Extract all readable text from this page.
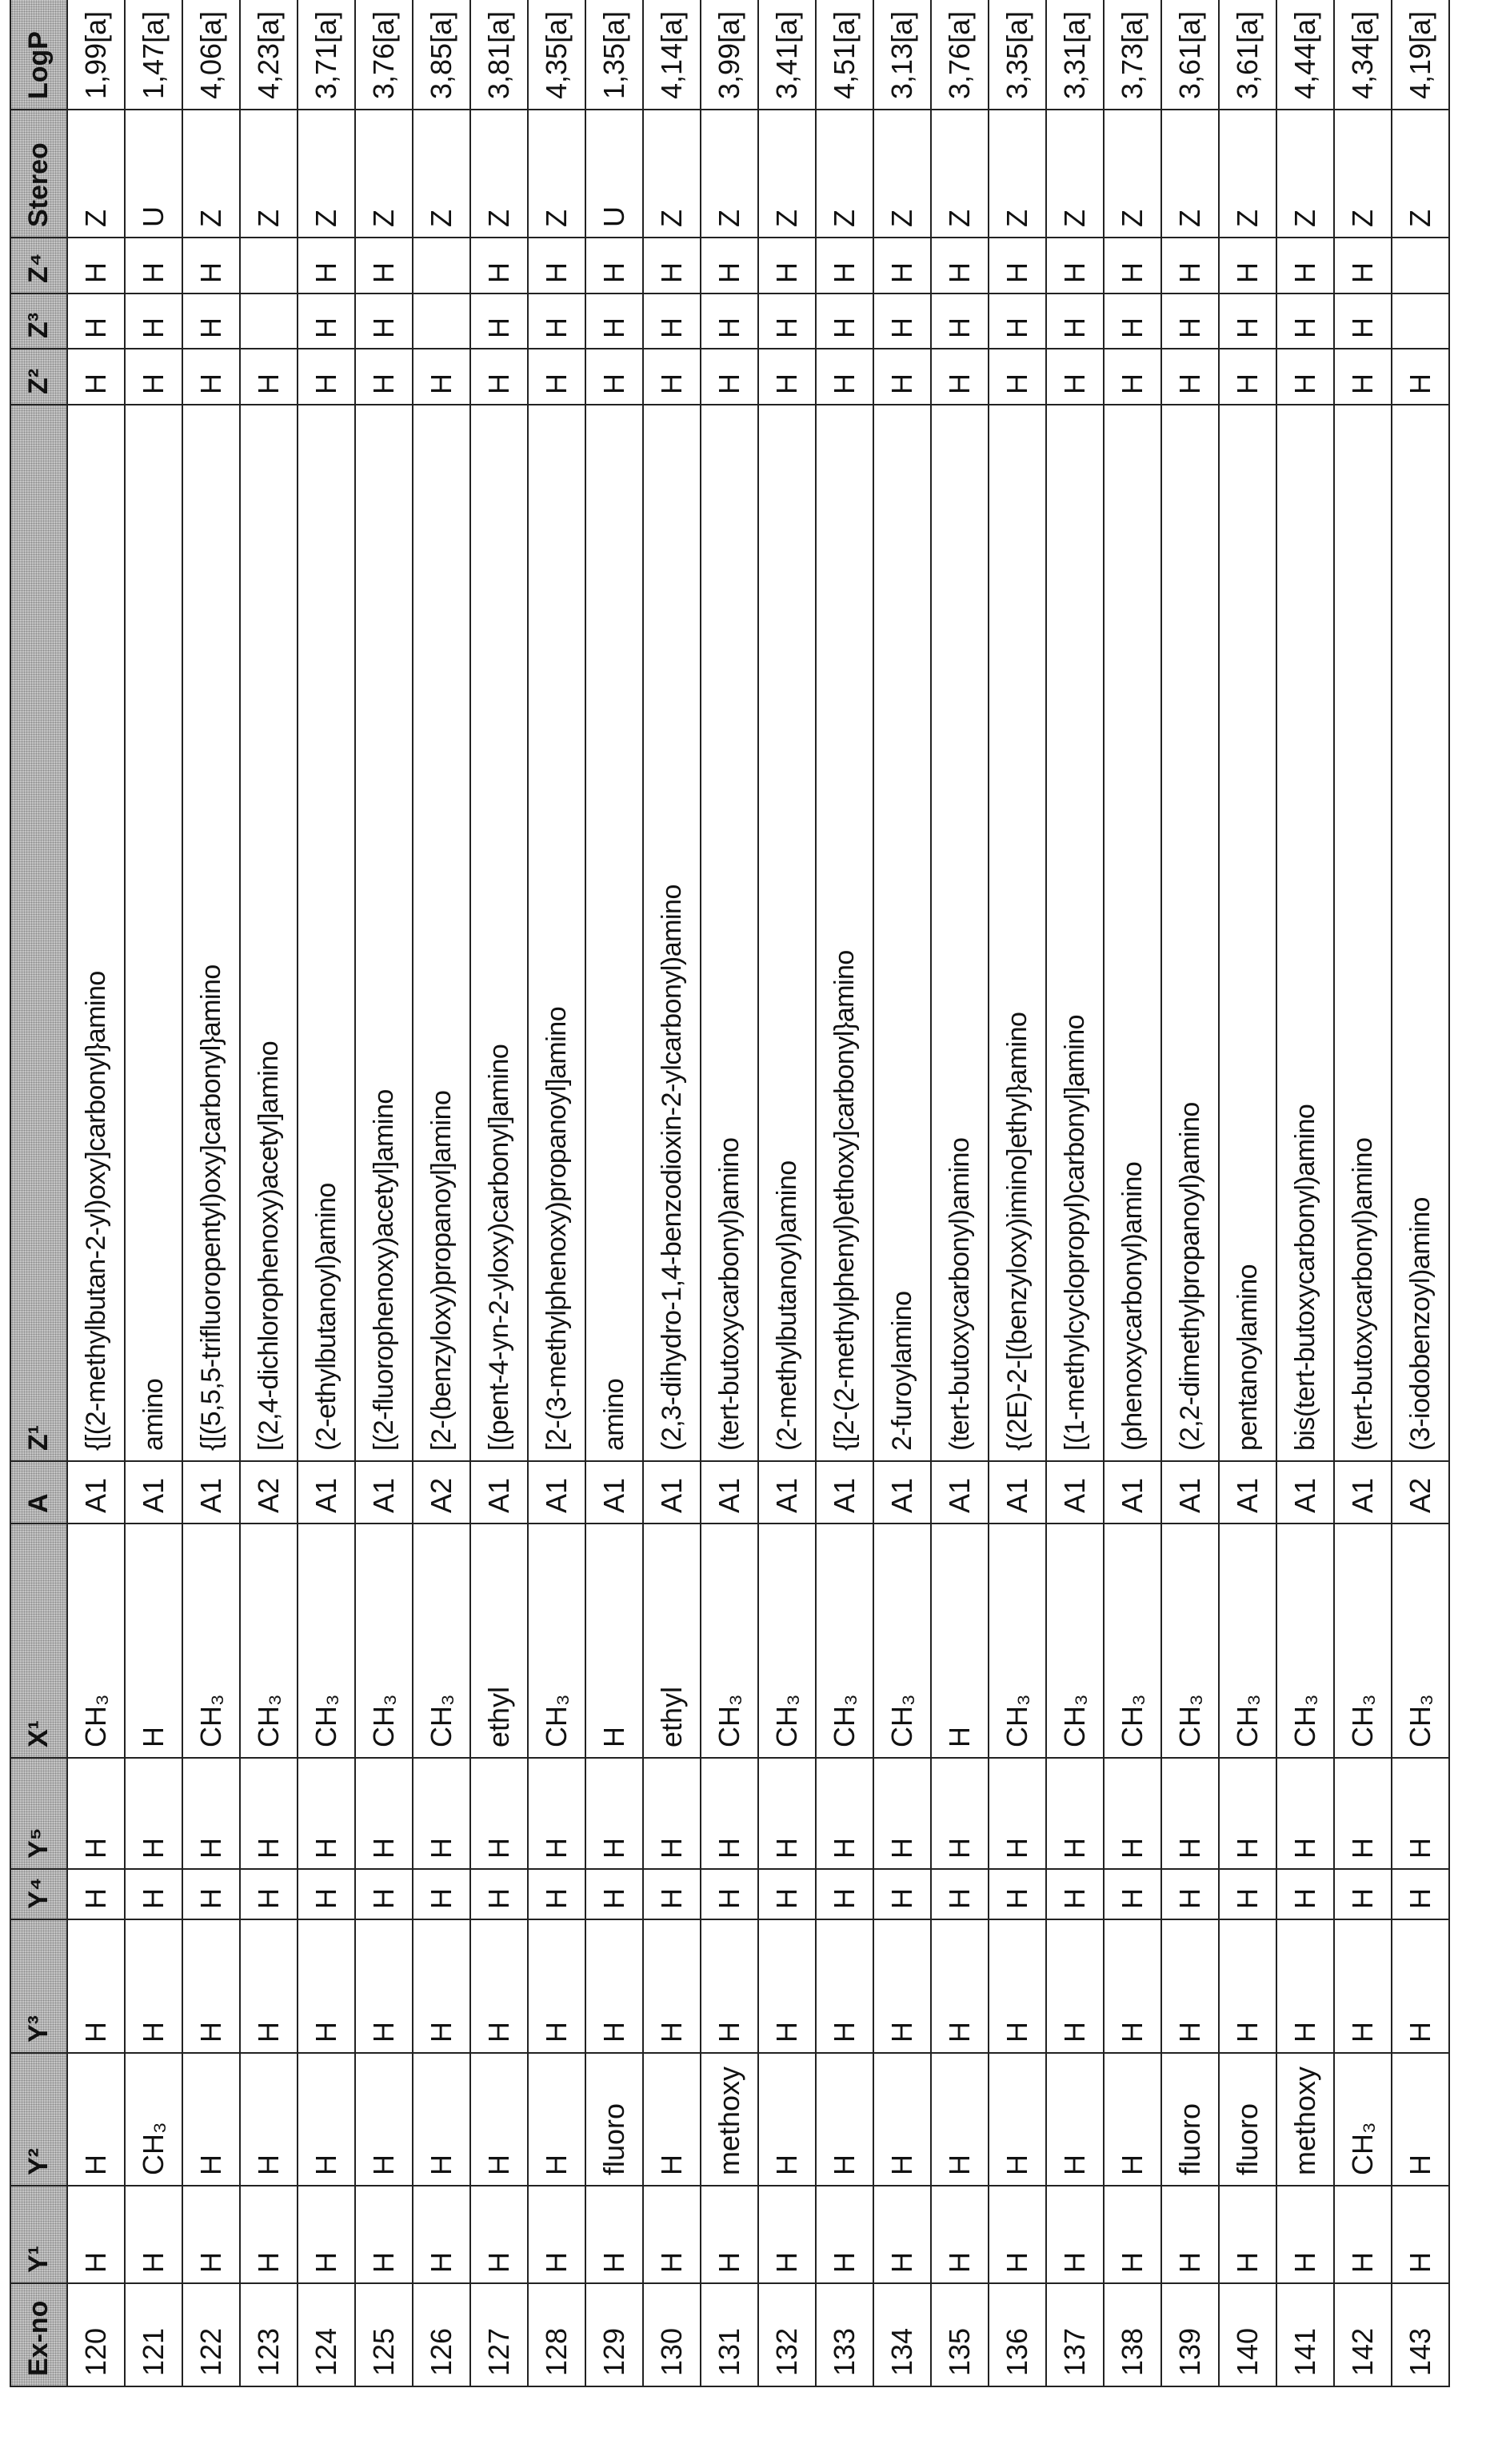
Ex-no	Y¹	Y²	Y³	Y⁴	Y⁵	X¹	A	Z¹	Z²	Z³	Z⁴	Stereo	LogP
120	H	H	H	H	H	CH₃	A1	{[(2-methylbutan-2-yl)oxy]carbonyl}amino	H	H	H	Z	1,99[a]
121	H	CH₃	H	H	H	H	A1	amino	H	H	H	U	1,47[a]
122	H	H	H	H	H	CH₃	A1	{[(5,5,5-trifluoropentyl)oxy]carbonyl}amino	H	H	H	Z	4,06[a]
123	H	H	H	H	H	CH₃	A2	[(2,4-dichlorophenoxy)acetyl]amino	H			Z	4,23[a]
124	H	H	H	H	H	CH₃	A1	(2-ethylbutanoyl)amino	H	H	H	Z	3,71[a]
125	H	H	H	H	H	CH₃	A1	[(2-fluorophenoxy)acetyl]amino	H	H	H	Z	3,76[a]
126	H	H	H	H	H	CH₃	A2	[2-(benzyloxy)propanoyl]amino	H			Z	3,85[a]
127	H	H	H	H	H	ethyl	A1	[(pent-4-yn-2-yloxy)carbonyl]amino	H	H	H	Z	3,81[a]
128	H	H	H	H	H	CH₃	A1	[2-(3-methylphenoxy)propanoyl]amino	H	H	H	Z	4,35[a]
129	H	fluoro	H	H	H	H	A1	amino	H	H	H	U	1,35[a]
130	H	H	H	H	H	ethyl	A1	(2,3-dihydro-1,4-benzodioxin-2-ylcarbonyl)amino	H	H	H	Z	4,14[a]
131	H	methoxy	H	H	H	CH₃	A1	(tert-butoxycarbonyl)amino	H	H	H	Z	3,99[a]
132	H	H	H	H	H	CH₃	A1	(2-methylbutanoyl)amino	H	H	H	Z	3,41[a]
133	H	H	H	H	H	CH₃	A1	{[2-(2-methylphenyl)ethoxy]carbonyl}amino	H	H	H	Z	4,51[a]
134	H	H	H	H	H	CH₃	A1	2-furoylamino	H	H	H	Z	3,13[a]
135	H	H	H	H	H	H	A1	(tert-butoxycarbonyl)amino	H	H	H	Z	3,76[a]
136	H	H	H	H	H	CH₃	A1	{(2E)-2-[(benzyloxy)imino]ethyl}amino	H	H	H	Z	3,35[a]
137	H	H	H	H	H	CH₃	A1	[(1-methylcyclopropyl)carbonyl]amino	H	H	H	Z	3,31[a]
138	H	H	H	H	H	CH₃	A1	(phenoxycarbonyl)amino	H	H	H	Z	3,73[a]
139	H	fluoro	H	H	H	CH₃	A1	(2,2-dimethylpropanoyl)amino	H	H	H	Z	3,61[a]
140	H	fluoro	H	H	H	CH₃	A1	pentanoylamino	H	H	H	Z	3,61[a]
141	H	methoxy	H	H	H	CH₃	A1	bis(tert-butoxycarbonyl)amino	H	H	H	Z	4,44[a]
142	H	CH₃	H	H	H	CH₃	A1	(tert-butoxycarbonyl)amino	H	H	H	Z	4,34[a]
143	H	H	H	H	H	CH₃	A2	(3-iodobenzoyl)amino	H			Z	4,19[a]
